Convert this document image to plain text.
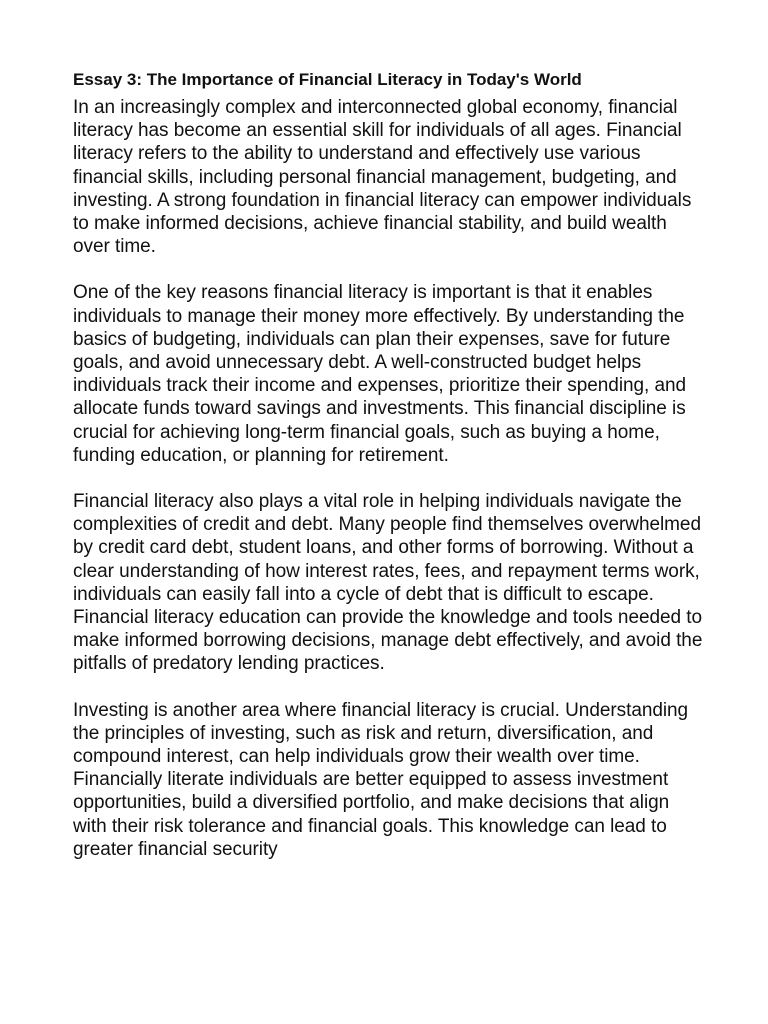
Essay 3: The Importance of Financial Literacy in Today's World

In an increasingly complex and interconnected global economy, financial literacy has become an essential skill for individuals of all ages. Financial literacy refers to the ability to understand and effectively use various financial skills, including personal financial management, budgeting, and investing. A strong foundation in financial literacy can empower individuals to make informed decisions, achieve financial stability, and build wealth over time.

One of the key reasons financial literacy is important is that it enables individuals to manage their money more effectively. By understanding the basics of budgeting, individuals can plan their expenses, save for future goals, and avoid unnecessary debt. A well-constructed budget helps individuals track their income and expenses, prioritize their spending, and allocate funds toward savings and investments. This financial discipline is crucial for achieving long-term financial goals, such as buying a home, funding education, or planning for retirement.

Financial literacy also plays a vital role in helping individuals navigate the complexities of credit and debt. Many people find themselves overwhelmed by credit card debt, student loans, and other forms of borrowing. Without a clear understanding of how interest rates, fees, and repayment terms work, individuals can easily fall into a cycle of debt that is difficult to escape. Financial literacy education can provide the knowledge and tools needed to make informed borrowing decisions, manage debt effectively, and avoid the pitfalls of predatory lending practices.

Investing is another area where financial literacy is crucial. Understanding the principles of investing, such as risk and return, diversification, and compound interest, can help individuals grow their wealth over time. Financially literate individuals are better equipped to assess investment opportunities, build a diversified portfolio, and make decisions that align with their risk tolerance and financial goals. This knowledge can lead to greater financial security
